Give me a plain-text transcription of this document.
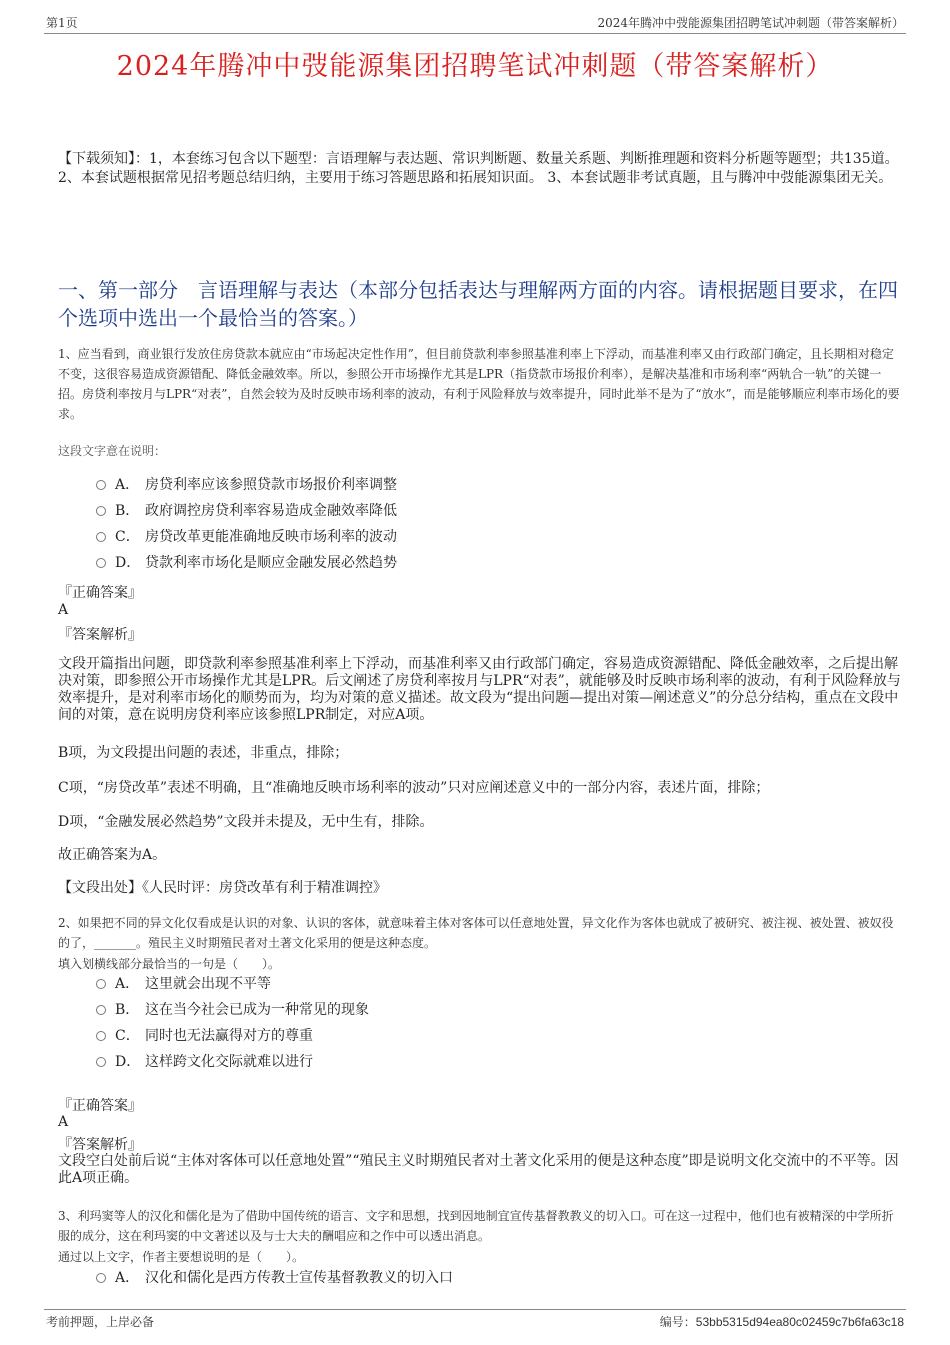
第1页	2024年腾冲中弢能源集团招聘笔试冲刺题（带答案解析）
2024年腾冲中弢能源集团招聘笔试冲刺题（带答案解析）
【下载须知】：1，本套练习包含以下题型：言语理解与表达题、常识判断题、数量关系题、判断推理题和资料分析题等题型；共135道。 2、本套试题根据常见招考题总结归纳，主要用于练习答题思路和拓展知识面。 3、本套试题非考试真题，且与腾冲中弢能源集团无关。
一、第一部分　言语理解与表达（本部分包括表达与理解两方面的内容。请根据题目要求，在四个选项中选出一个最恰当的答案。）
1、应当看到，商业银行发放住房贷款本就应由“市场起决定性作用”，但目前贷款利率参照基准利率上下浮动，而基准利率又由行政部门确定，且长期相对稳定不变，这很容易造成资源错配、降低金融效率。所以，参照公开市场操作尤其是LPR（指贷款市场报价利率），是解决基准和市场利率“两轨合一轨”的关键一招。房贷利率按月与LPR“对表”，自然会较为及时反映市场利率的波动，有利于风险释放与效率提升，同时此举不是为了“放水”，而是能够顺应利率市场化的要求。
这段文字意在说明：
A． 房贷利率应该参照贷款市场报价利率调整
B． 政府调控房贷利率容易造成金融效率降低
C． 房贷改革更能准确地反映市场利率的波动
D． 贷款利率市场化是顺应金融发展必然趋势
『正确答案』
A
『答案解析』
文段开篇指出问题，即贷款利率参照基准利率上下浮动，而基准利率又由行政部门确定，容易造成资源错配、降低金融效率，之后提出解决对策，即参照公开市场操作尤其是LPR。后文阐述了房贷利率按月与LPR“对表”，就能够及时反映市场利率的波动，有利于风险释放与效率提升，是对利率市场化的顺势而为，均为对策的意义描述。故文段为“提出问题—提出对策—阐述意义”的分总分结构，重点在文段中间的对策，意在说明房贷利率应该参照LPR制定，对应A项。
B项，为文段提出问题的表述，非重点，排除；
C项，“房贷改革”表述不明确，且“准确地反映市场利率的波动”只对应阐述意义中的一部分内容，表述片面，排除；
D项，“金融发展必然趋势”文段并未提及，无中生有，排除。
故正确答案为A。
【文段出处】《人民时评：房贷改革有利于精准调控》
2、如果把不同的异文化仅看成是认识的对象、认识的客体，就意味着主体对客体可以任意地处置，异文化作为客体也就成了被研究、被注视、被处置、被奴役的了，_______。殖民主义时期殖民者对土著文化采用的便是这种态度。
填入划横线部分最恰当的一句是（　　）。
A． 这里就会出现不平等
B． 这在当今社会已成为一种常见的现象
C． 同时也无法赢得对方的尊重
D． 这样跨文化交际就难以进行
『正确答案』
A
『答案解析』
文段空白处前后说“主体对客体可以任意地处置”“殖民主义时期殖民者对土著文化采用的便是这种态度”即是说明文化交流中的不平等。因此A项正确。
3、利玛窦等人的汉化和儒化是为了借助中国传统的语言、文字和思想，找到因地制宜宣传基督教教义的切入口。可在这一过程中，他们也有被精深的中学所折服的成分，这在利玛窦的中文著述以及与士大夫的酬唱应和之作中可以透出消息。
通过以上文字，作者主要想说明的是（　　）。
A． 汉化和儒化是西方传教士宣传基督教教义的切入口
考前押题，上岸必备	编号：53bb5315d94ea80c02459c7b6fa63c18
